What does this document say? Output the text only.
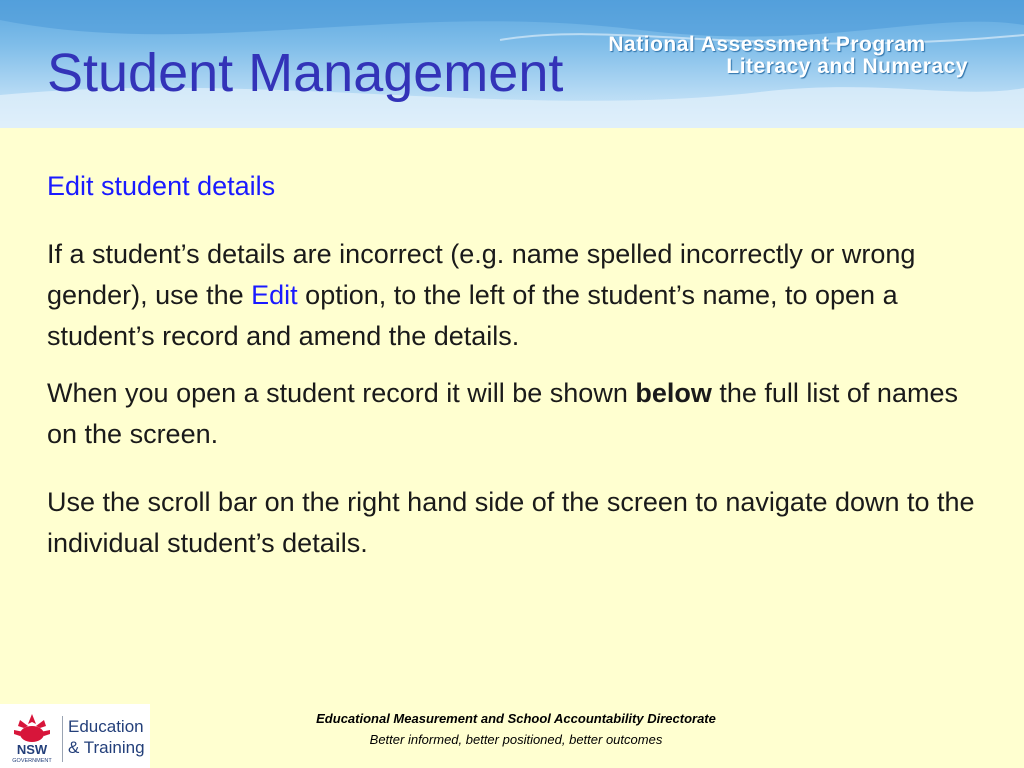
National Assessment Program
Literacy and Numeracy
Student Management
Edit student details

If a student’s details are incorrect (e.g. name spelled incorrectly or wrong gender), use the Edit option, to the left of the student’s name, to open a student’s record and amend the details.

When you open a student record it will be shown below the full list of names on the screen.

Use the scroll bar on the right hand side of the screen to navigate down to the individual student’s details.

NSW
GOVERNMENT
Education
& Training
Educational Measurement and School Accountability Directorate
Better informed, better positioned, better outcomes
